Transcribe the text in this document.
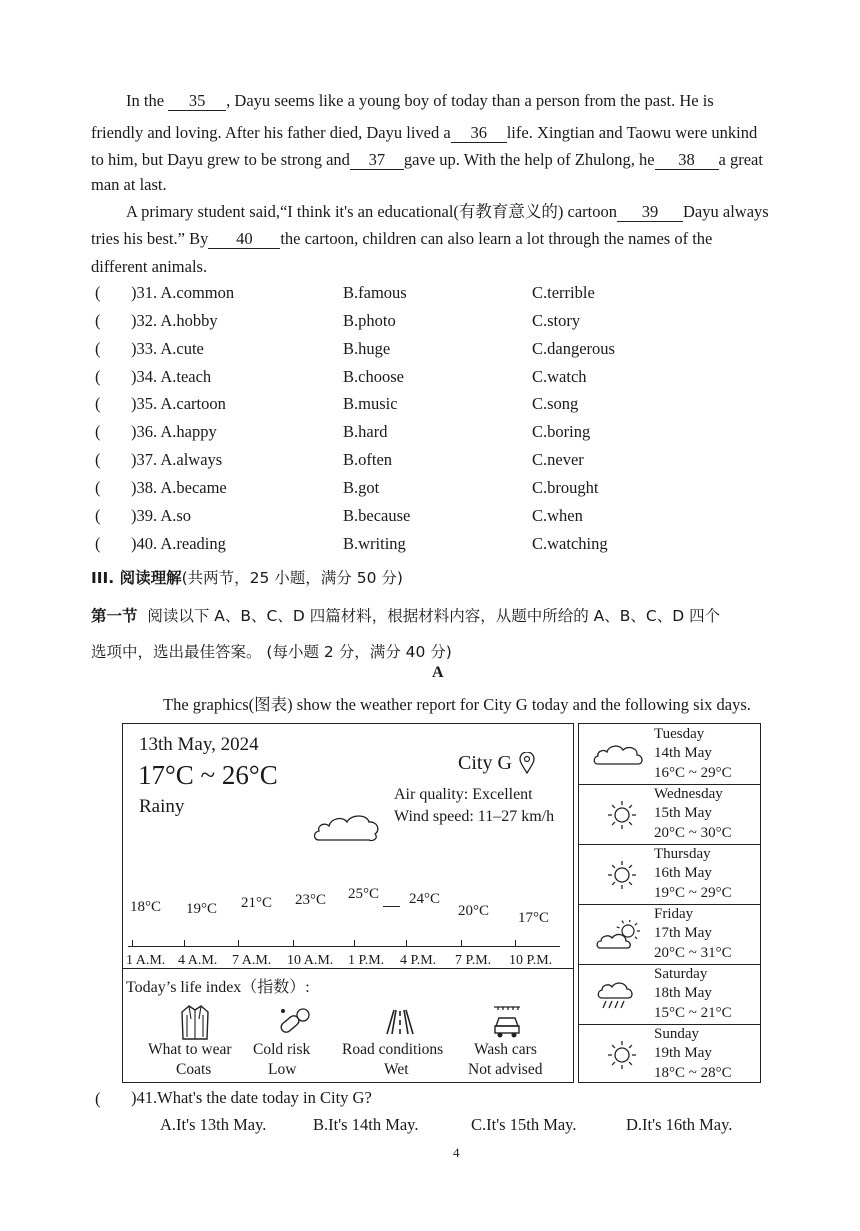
In the 35 , Dayu seems like a young boy of today than a person from the past. He is
friendly and loving. After his father died, Dayu lived a 36 life. Xingtian and Taowu were unkind
to him, but Dayu grew to be strong and 37 gave up. With the help of Zhulong, he 38 a great
man at last.
A primary student said,“I think it's an educational(有教育意义的) cartoon 39 Dayu always
tries his best.” By 40 the cartoon, children can also learn a lot through the names of the
different animals.
( )31. A.common	B.famous	C.terrible
( )32. A.hobby	B.photo	C.story
( )33. A.cute	B.huge	C.dangerous
( )34. A.teach	B.choose	C.watch
( )35. A.cartoon	B.music	C.song
( )36. A.happy	B.hard	C.boring
( )37. A.always	B.often	C.never
( )38. A.became	B.got	C.brought
( )39. A.so	B.because	C.when
( )40. A.reading	B.writing	C.watching
III. 阅读理解(共两节，25 小题，满分 50 分)
第一节 阅读以下 A、B、C、D 四篇材料，根据材料内容，从题中所给的 A、B、C、D 四个
选项中，选出最佳答案。 (每小题 2 分，满分 40 分)
A
The graphics(图表) show the weather report for City G today and the following six days.
13th May, 2024
17°C ~ 26°C
Rainy
City G
Air quality: Excellent
Wind speed: 11–27 km/h
18°C 19°C 21°C 23°C 25°C 24°C
20°C 17°C
1 A.M. 4 A.M. 7 A.M. 10 A.M. 1 P.M. 4 P.M. 7 P.M. 10 P.M.
Today’s life index（指数）:
What to wear
Coats
Cold risk
Low
Road conditions
Wet
Wash cars
Not advised
Tuesday
14th May
16°C ~ 29°C
Wednesday
15th May
20°C ~ 30°C
Thursday
16th May
19°C ~ 29°C
Friday
17th May
20°C ~ 31°C
Saturday
18th May
15°C ~ 21°C
Sunday
19th May
18°C ~ 28°C
( )41.What's the date today in City G?
A.It's 13th May.	B.It's 14th May.	C.It's 15th May.	D.It's 16th May.
4
